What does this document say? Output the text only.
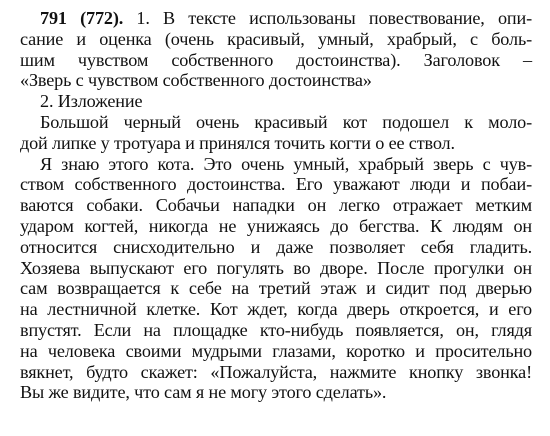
791 (772). 1. В тексте использованы повествование, опи-
сание и оценка (очень красивый, умный, храбрый, с боль-
шим чувством собственного достоинства). Заголовок –
«Зверь с чувством собственного достоинства»
2. Изложение
Большой черный очень красивый кот подошел к моло-
дой липке у тротуара и принялся точить когти о ее ствол.
Я знаю этого кота. Это очень умный, храбрый зверь с чув-
ством собственного достоинства. Его уважают люди и побаи-
ваются собаки. Собачьи нападки он легко отражает метким
ударом когтей, никогда не унижаясь до бегства. К людям он
относится снисходительно и даже позволяет себя гладить.
Хозяева выпускают его погулять во дворе. После прогулки он
сам возвращается к себе на третий этаж и сидит под дверью
на лестничной клетке. Кот ждет, когда дверь откроется, и его
впустят. Если на площадке кто-нибудь появляется, он, глядя
на человека своими мудрыми глазами, коротко и просительно
вякнет, будто скажет: «Пожалуйста, нажмите кнопку звонка!
Вы же видите, что сам я не могу этого сделать».
